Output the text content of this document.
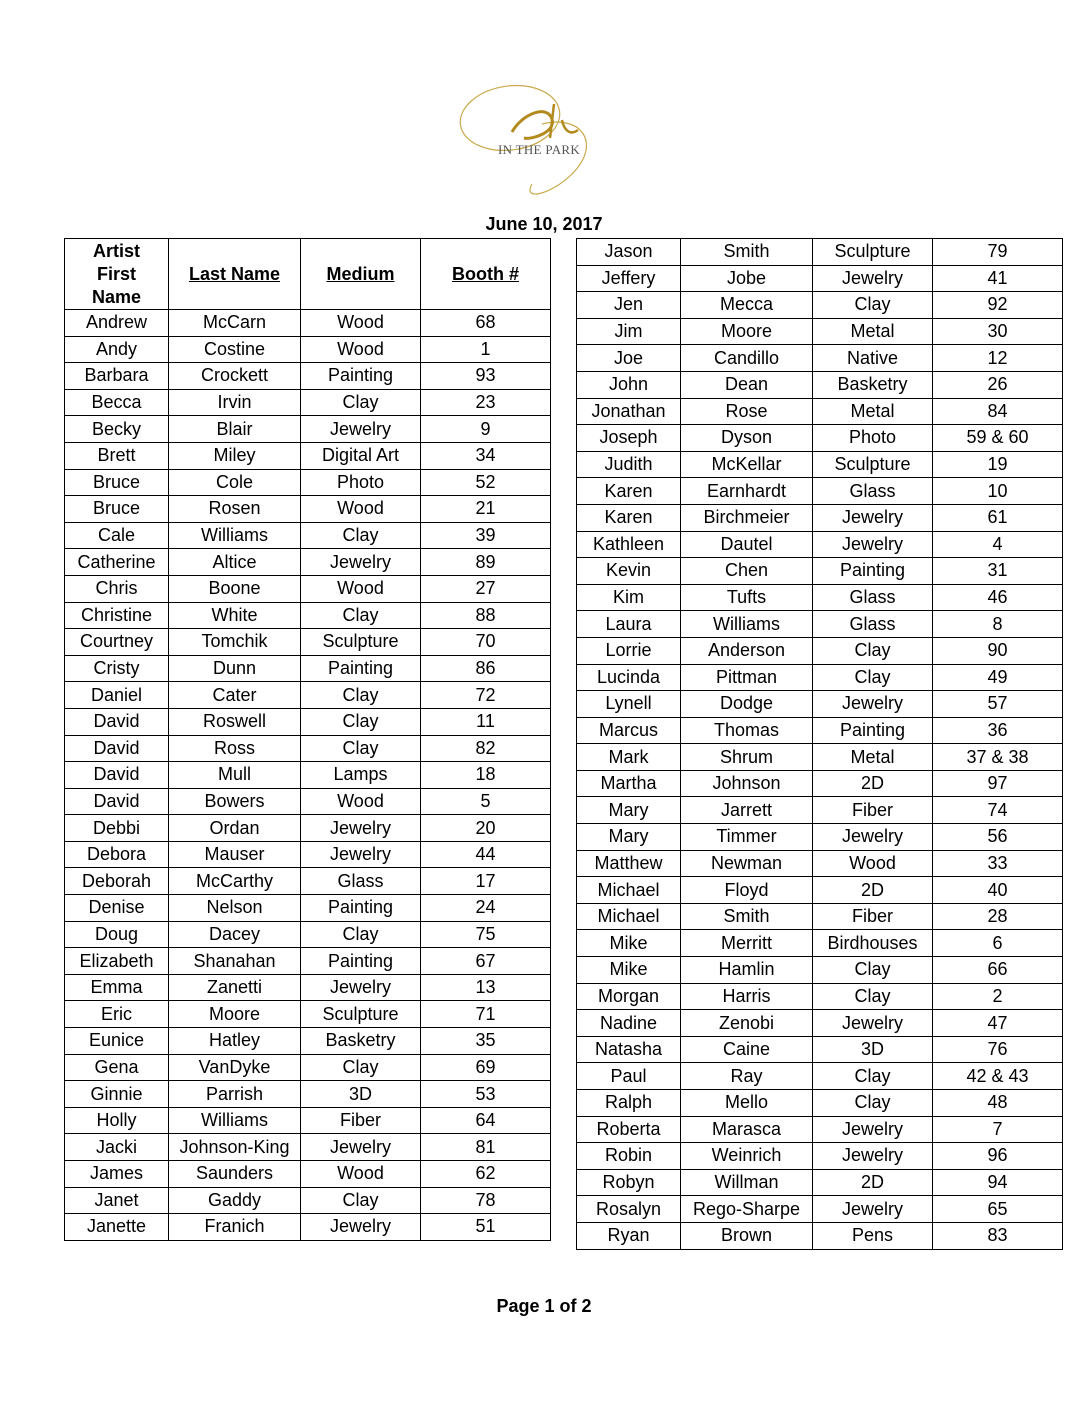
IN THE PARK
June 10, 2017
Artist First Name	Last Name	Medium	Booth #
Andrew	McCarn	Wood	68
Andy	Costine	Wood	1
Barbara	Crockett	Painting	93
Becca	Irvin	Clay	23
Becky	Blair	Jewelry	9
Brett	Miley	Digital Art	34
Bruce	Cole	Photo	52
Bruce	Rosen	Wood	21
Cale	Williams	Clay	39
Catherine	Altice	Jewelry	89
Chris	Boone	Wood	27
Christine	White	Clay	88
Courtney	Tomchik	Sculpture	70
Cristy	Dunn	Painting	86
Daniel	Cater	Clay	72
David	Roswell	Clay	11
David	Ross	Clay	82
David	Mull	Lamps	18
David	Bowers	Wood	5
Debbi	Ordan	Jewelry	20
Debora	Mauser	Jewelry	44
Deborah	McCarthy	Glass	17
Denise	Nelson	Painting	24
Doug	Dacey	Clay	75
Elizabeth	Shanahan	Painting	67
Emma	Zanetti	Jewelry	13
Eric	Moore	Sculpture	71
Eunice	Hatley	Basketry	35
Gena	VanDyke	Clay	69
Ginnie	Parrish	3D	53
Holly	Williams	Fiber	64
Jacki	Johnson-King	Jewelry	81
James	Saunders	Wood	62
Janet	Gaddy	Clay	78
Janette	Franich	Jewelry	51
Jason	Smith	Sculpture	79
Jeffery	Jobe	Jewelry	41
Jen	Mecca	Clay	92
Jim	Moore	Metal	30
Joe	Candillo	Native	12
John	Dean	Basketry	26
Jonathan	Rose	Metal	84
Joseph	Dyson	Photo	59 & 60
Judith	McKellar	Sculpture	19
Karen	Earnhardt	Glass	10
Karen	Birchmeier	Jewelry	61
Kathleen	Dautel	Jewelry	4
Kevin	Chen	Painting	31
Kim	Tufts	Glass	46
Laura	Williams	Glass	8
Lorrie	Anderson	Clay	90
Lucinda	Pittman	Clay	49
Lynell	Dodge	Jewelry	57
Marcus	Thomas	Painting	36
Mark	Shrum	Metal	37 & 38
Martha	Johnson	2D	97
Mary	Jarrett	Fiber	74
Mary	Timmer	Jewelry	56
Matthew	Newman	Wood	33
Michael	Floyd	2D	40
Michael	Smith	Fiber	28
Mike	Merritt	Birdhouses	6
Mike	Hamlin	Clay	66
Morgan	Harris	Clay	2
Nadine	Zenobi	Jewelry	47
Natasha	Caine	3D	76
Paul	Ray	Clay	42 & 43
Ralph	Mello	Clay	48
Roberta	Marasca	Jewelry	7
Robin	Weinrich	Jewelry	96
Robyn	Willman	2D	94
Rosalyn	Rego-Sharpe	Jewelry	65
Ryan	Brown	Pens	83
Page 1 of 2
